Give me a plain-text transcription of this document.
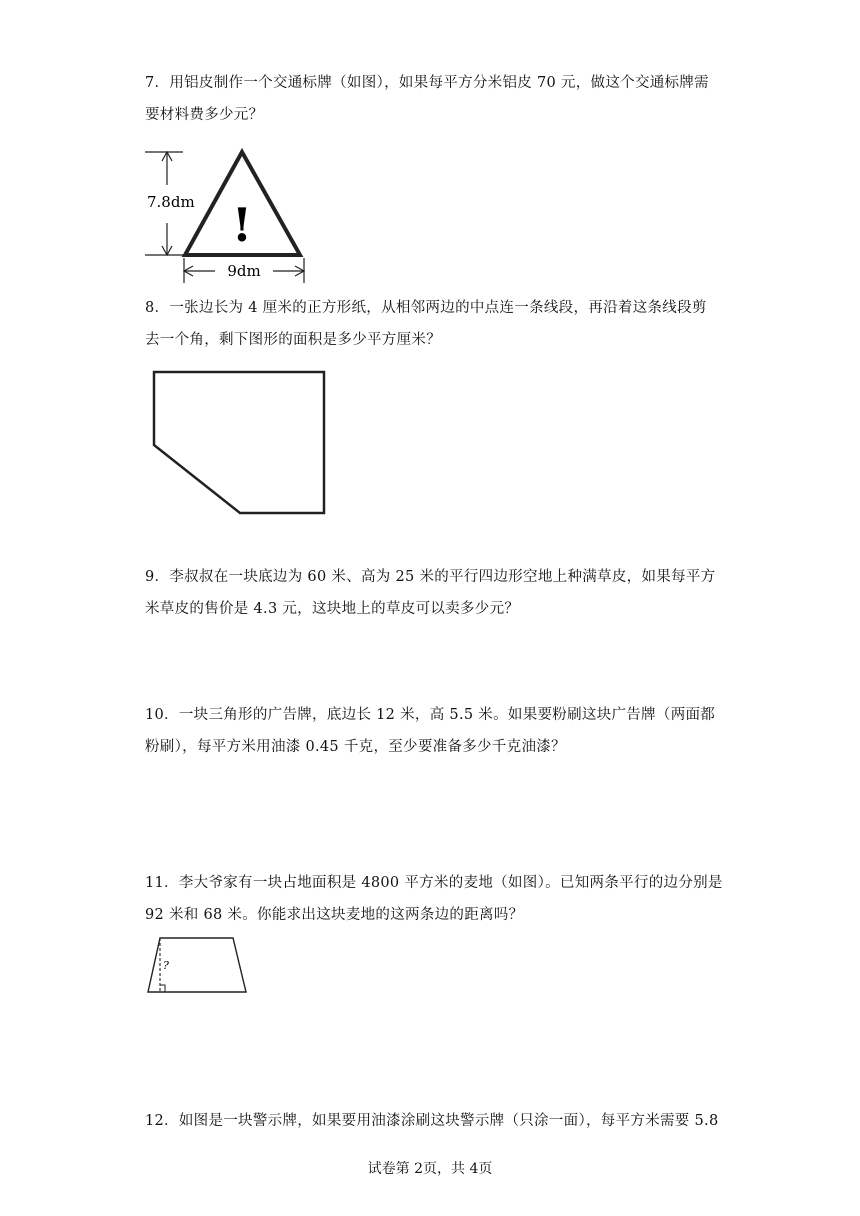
7．用铝皮制作一个交通标牌（如图），如果每平方分米铝皮 70 元，做这个交通标牌需
要材料费多少元？
7.8dm !
9dm
8．一张边长为 4 厘米的正方形纸，从相邻两边的中点连一条线段，再沿着这条线段剪
去一个角，剩下图形的面积是多少平方厘米？
9．李叔叔在一块底边为 60 米、高为 25 米的平行四边形空地上种满草皮，如果每平方
米草皮的售价是 4.3 元，这块地上的草皮可以卖多少元？
10．一块三角形的广告牌，底边长 12 米，高 5.5 米。如果要粉刷这块广告牌（两面都
粉刷），每平方米用油漆 0.45 千克，至少要准备多少千克油漆？
11．李大爷家有一块占地面积是 4800 平方米的麦地（如图）。已知两条平行的边分别是
92 米和 68 米。你能求出这块麦地的这两条边的距离吗？
?
12．如图是一块警示牌，如果要用油漆涂刷这块警示牌（只涂一面），每平方米需要 5.8
试卷第 2页，共 4页
